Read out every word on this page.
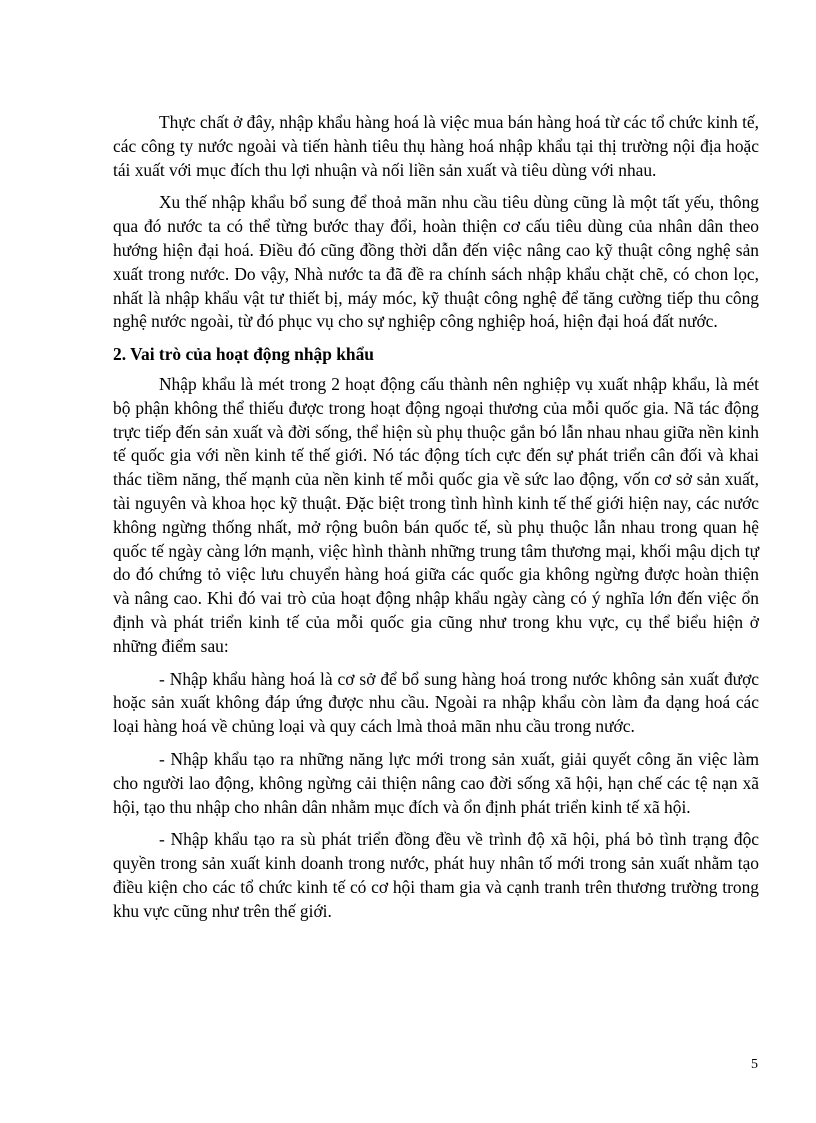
Thực chất ở đây, nhập khẩu hàng hoá là việc mua bán hàng hoá từ các tổ chức kinh tế, các công ty nước ngoài và tiến hành tiêu thụ hàng hoá nhập khẩu tại thị trường nội địa hoặc tái xuất với mục đích thu lợi nhuận và nối liền sản xuất và tiêu dùng với nhau.

Xu thế nhập khẩu bổ sung để thoả mãn nhu cầu tiêu dùng cũng là một tất yếu, thông qua đó nước ta có thể từng bước thay đổi, hoàn thiện cơ cấu tiêu dùng của nhân dân theo hướng hiện đại hoá. Điều đó cũng đồng thời dẫn đến việc nâng cao kỹ thuật công nghệ sản xuất trong nước. Do vậy, Nhà nước ta đã đề ra chính sách nhập khẩu chặt chẽ, có chon lọc, nhất là nhập khẩu vật tư thiết bị, máy móc, kỹ thuật công nghệ để tăng cường tiếp thu công nghệ nước ngoài, từ đó phục vụ cho sự nghiệp công nghiệp hoá, hiện đại hoá đất nước.

2. Vai trò của hoạt động nhập khẩu

Nhập khẩu là mét trong 2 hoạt động cấu thành nên nghiệp vụ xuất nhập khẩu, là mét bộ phận không thể thiếu được trong hoạt động ngoại thương của mỗi quốc gia. Nã tác động trực tiếp đến sản xuất và đời sống, thể hiện sù phụ thuộc gắn bó lẫn nhau nhau giữa nền kinh tế quốc gia với nền kinh tế thế giới. Nó tác động tích cực đến sự phát triển cân đối và khai thác tiềm năng, thế mạnh của nền kinh tế mỗi quốc gia về sức lao động, vốn cơ sở sản xuất, tài nguyên và khoa học kỹ thuật. Đặc biệt trong tình hình kinh tế thế giới hiện nay, các nước không ngừng thống nhất, mở rộng buôn bán quốc tế, sù phụ thuộc lẫn nhau trong quan hệ quốc tế ngày càng lớn mạnh, việc hình thành những trung tâm thương mại, khối mậu dịch tự do đó chứng tỏ việc lưu chuyển hàng hoá giữa các quốc gia không ngừng được hoàn thiện và nâng cao. Khi đó vai trò của hoạt động nhập khẩu ngày càng có ý nghĩa lớn đến việc ổn định và phát triển kinh tế của mỗi quốc gia cũng như trong khu vực, cụ thể biểu hiện ở những điểm sau:

- Nhập khẩu hàng hoá là cơ sở để bổ sung hàng hoá trong nước không sản xuất được hoặc sản xuất không đáp ứng được nhu cầu. Ngoài ra nhập khẩu còn làm đa dạng hoá các loại hàng hoá về chủng loại và quy cách lmà thoả mãn nhu cầu trong nước.

- Nhập khẩu tạo ra những năng lực mới trong sản xuất, giải quyết công ăn việc làm cho người lao động, không ngừng cải thiện nâng cao đời sống xã hội, hạn chế các tệ nạn xã hội, tạo thu nhập cho nhân dân nhằm mục đích và ổn định phát triển kinh tế xã hội.

- Nhập khẩu tạo ra sù phát triển đồng đều về trình độ xã hội, phá bỏ tình trạng độc quyền trong sản xuất kinh doanh trong nước, phát huy nhân tố mới trong sản xuất nhằm tạo điều kiện cho các tổ chức kinh tế có cơ hội tham gia và cạnh tranh trên thương trường trong khu vực cũng như trên thế giới.

5
